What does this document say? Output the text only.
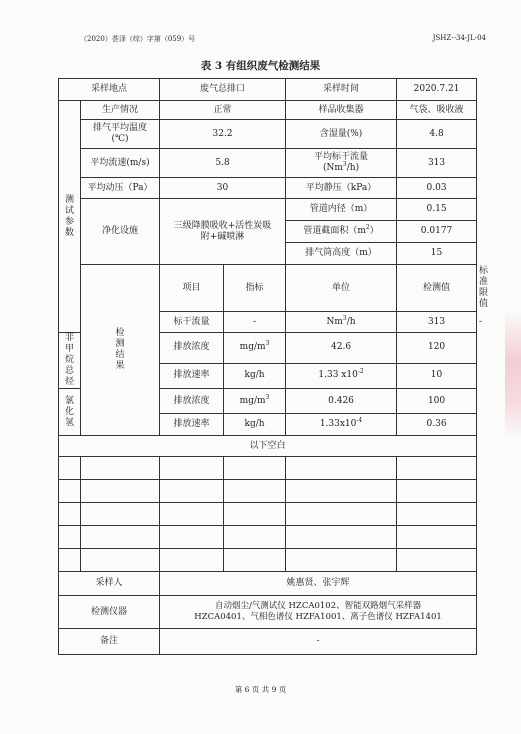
（2020）荟泽（综）字第（059）号	JSHZ--34-JL-04
表 3 有组织废气检测结果
采样地点		废气总排口		采样时间	2020.7.21	

测试参数	生产情况	正常		样品收集器	气袋、吸收液	

	排气平均温度
(℃)	32.2		含湿量(%)	4.8	
	平均流速(m/s)	5.8		平均标干流量
(Nm$^3$/h)	313	
	平均动压（Pa）	30		平均静压（kPa）	0.03	
	净化设施	三级降膜吸收+活性炭吸
附+碱喷淋		管道内径（m）	0.15	
				管道截面积$(m^2)$	0.0177	
				排气筒高度（m）	15	

	检测结果	项目	指标	单位	检测值	标准
限值

		标干流量	-	Nm$^3$/h	313	-
非甲烷总烃		排放浓度	$mg/m^3$	42.6	120	
		排放速率	kg/h	1.33 $x10^{-2}$	10	
氯化氢		排放浓度	$mg/m^3$	0.426	100	
		排放速率	kg/h	$1.33x10^{-4}$	0.36	
以下空白						

采样人		姚惠贤、张宇辉				
检测仪器		自动烟尘/气测试仪 HZCA0102、智能双路烟气采样器
HZCA0401、气相色谱仪 HZFA1001、离子色谱仪 HZFA1401				

备注		-				
第 6 页 共 9 页
